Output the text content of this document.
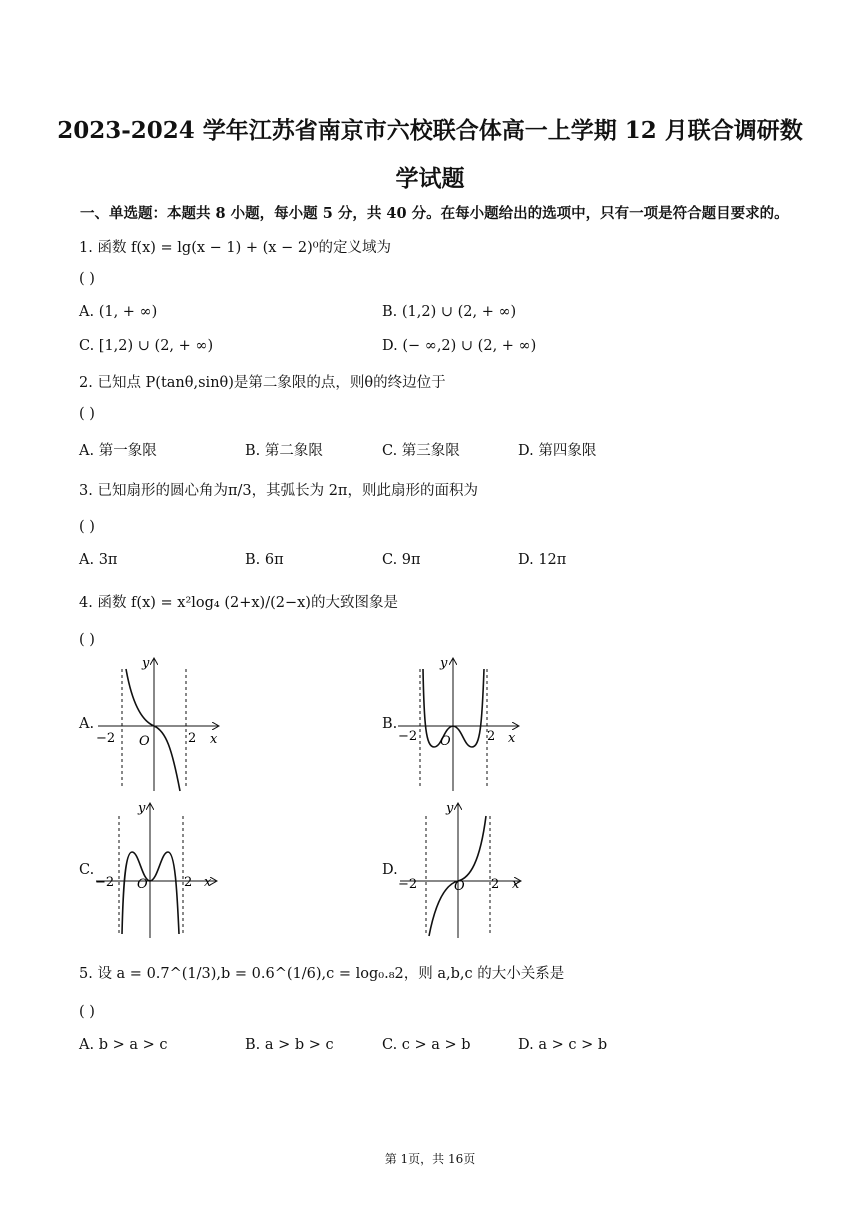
2023-2024 学年江苏省南京市六校联合体高一上学期 12 月联合调研数
学试题
一、单选题：本题共 8 小题，每小题 5 分，共 40 分。在每小题给出的选项中，只有一项是符合题目要求的。
1. 函数 f(x) = lg(x − 1) + (x − 2)⁰的定义域为
( )
A. (1, + ∞)	B. (1,2) ∪ (2, + ∞)
C. [1,2) ∪ (2, + ∞)	D. (− ∞,2) ∪ (2, + ∞)
2. 已知点 P(tanθ,sinθ)是第二象限的点，则θ的终边位于
( )
A. 第一象限	B. 第二象限	C. 第三象限	D. 第四象限
3. 已知扇形的圆心角为π/3，其弧长为 2π，则此扇形的面积为
( )
A. 3π	B. 6π	C. 9π	D. 12π
4. 函数 f(x) = x²log₄ (2+x)/(2−x)的大致图象是
( )
A.	B.
C.	D.
y
x
O
−2	2
y
x
O
−2	2
y
x
O
−2	2
y
x
O
−2	2
5. 设 a = 0.7^(1/3),b = 0.6^(1/6),c = log₀.₈2，则 a,b,c 的大小关系是
( )
A. b > a > c	B. a > b > c	C. c > a > b	D. a > c > b
第 1页，共 16页
